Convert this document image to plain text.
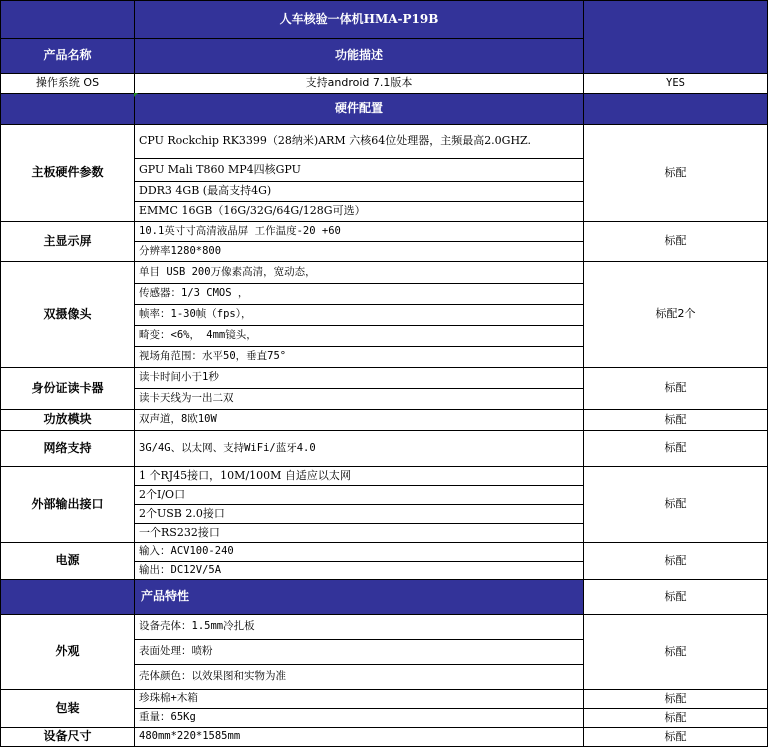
	人车核验一体机HMA-P19B	
产品名称	功能描述	
操作系统 OS	支持android 7.1版本	YES
	硬件配置	
主板硬件参数	CPU Rockchip RK3399（28纳米)ARM 六核64位处理器，主频最高2.0GHZ.	标配
	GPU Mali T860 MP4四核GPU	
	DDR3 4GB (最高支持4G)	
	EMMC 16GB（16G/32G/64G/128G可选）	
主显示屏	10.1英寸寸高清液晶屏 工作温度-20 +60	标配
	分辨率1280*800	
双摄像头	单目 USB 200万像素高清，宽动态，	标配2个
	传感器：1/3 CMOS ，	
	帧率：1-30帧（fps），	
	畸变：<6%， 4mm镜头，	
	视场角范围：水平50，垂直75°	
身份证读卡器	读卡时间小于1秒	标配
	读卡天线为一出二双	
功放模块	双声道，8欧10W	标配
网络支持	3G/4G、以太网、支持WiFi/蓝牙4.0	标配
外部输出接口	1 个RJ45接口，10M/100M 自适应以太网	标配
	2个I/O口	
	2个USB 2.0接口	
	一个RS232接口	
电源	输入：ACV100-240	标配
	输出：DC12V/5A	
	产品特性	标配
外观	设备壳体：1.5mm冷扎板	标配
	表面处理：喷粉	
	壳体颜色：以效果图和实物为准	
包装	珍珠棉+木箱	标配
	重量：65Kg	标配
设备尺寸	480mm*220*1585mm	标配
